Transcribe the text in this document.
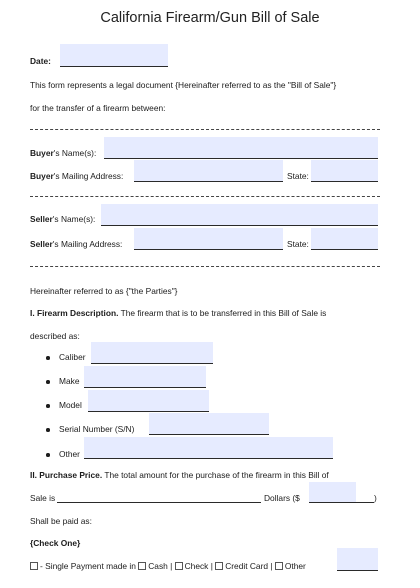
California Firearm/Gun Bill of Sale
Date:
This form represents a legal document {Hereinafter referred to as the "Bill of Sale"}
for the transfer of a firearm between:
Buyer's Name(s):
Buyer's Mailing Address:	State:
Seller's Name(s):
Seller's Mailing Address:	State:
Hereinafter referred to as {"the Parties"}
I. Firearm Description. The firearm that is to be transferred in this Bill of Sale is
described as:
Caliber
Make
Model
Serial Number (S/N)
Other
II. Purchase Price. The total amount for the purchase of the firearm in this Bill of
Sale is	Dollars ($	)
Shall be paid as:
{Check One}
- Single Payment made in Cash | Check | Credit Card | Other
